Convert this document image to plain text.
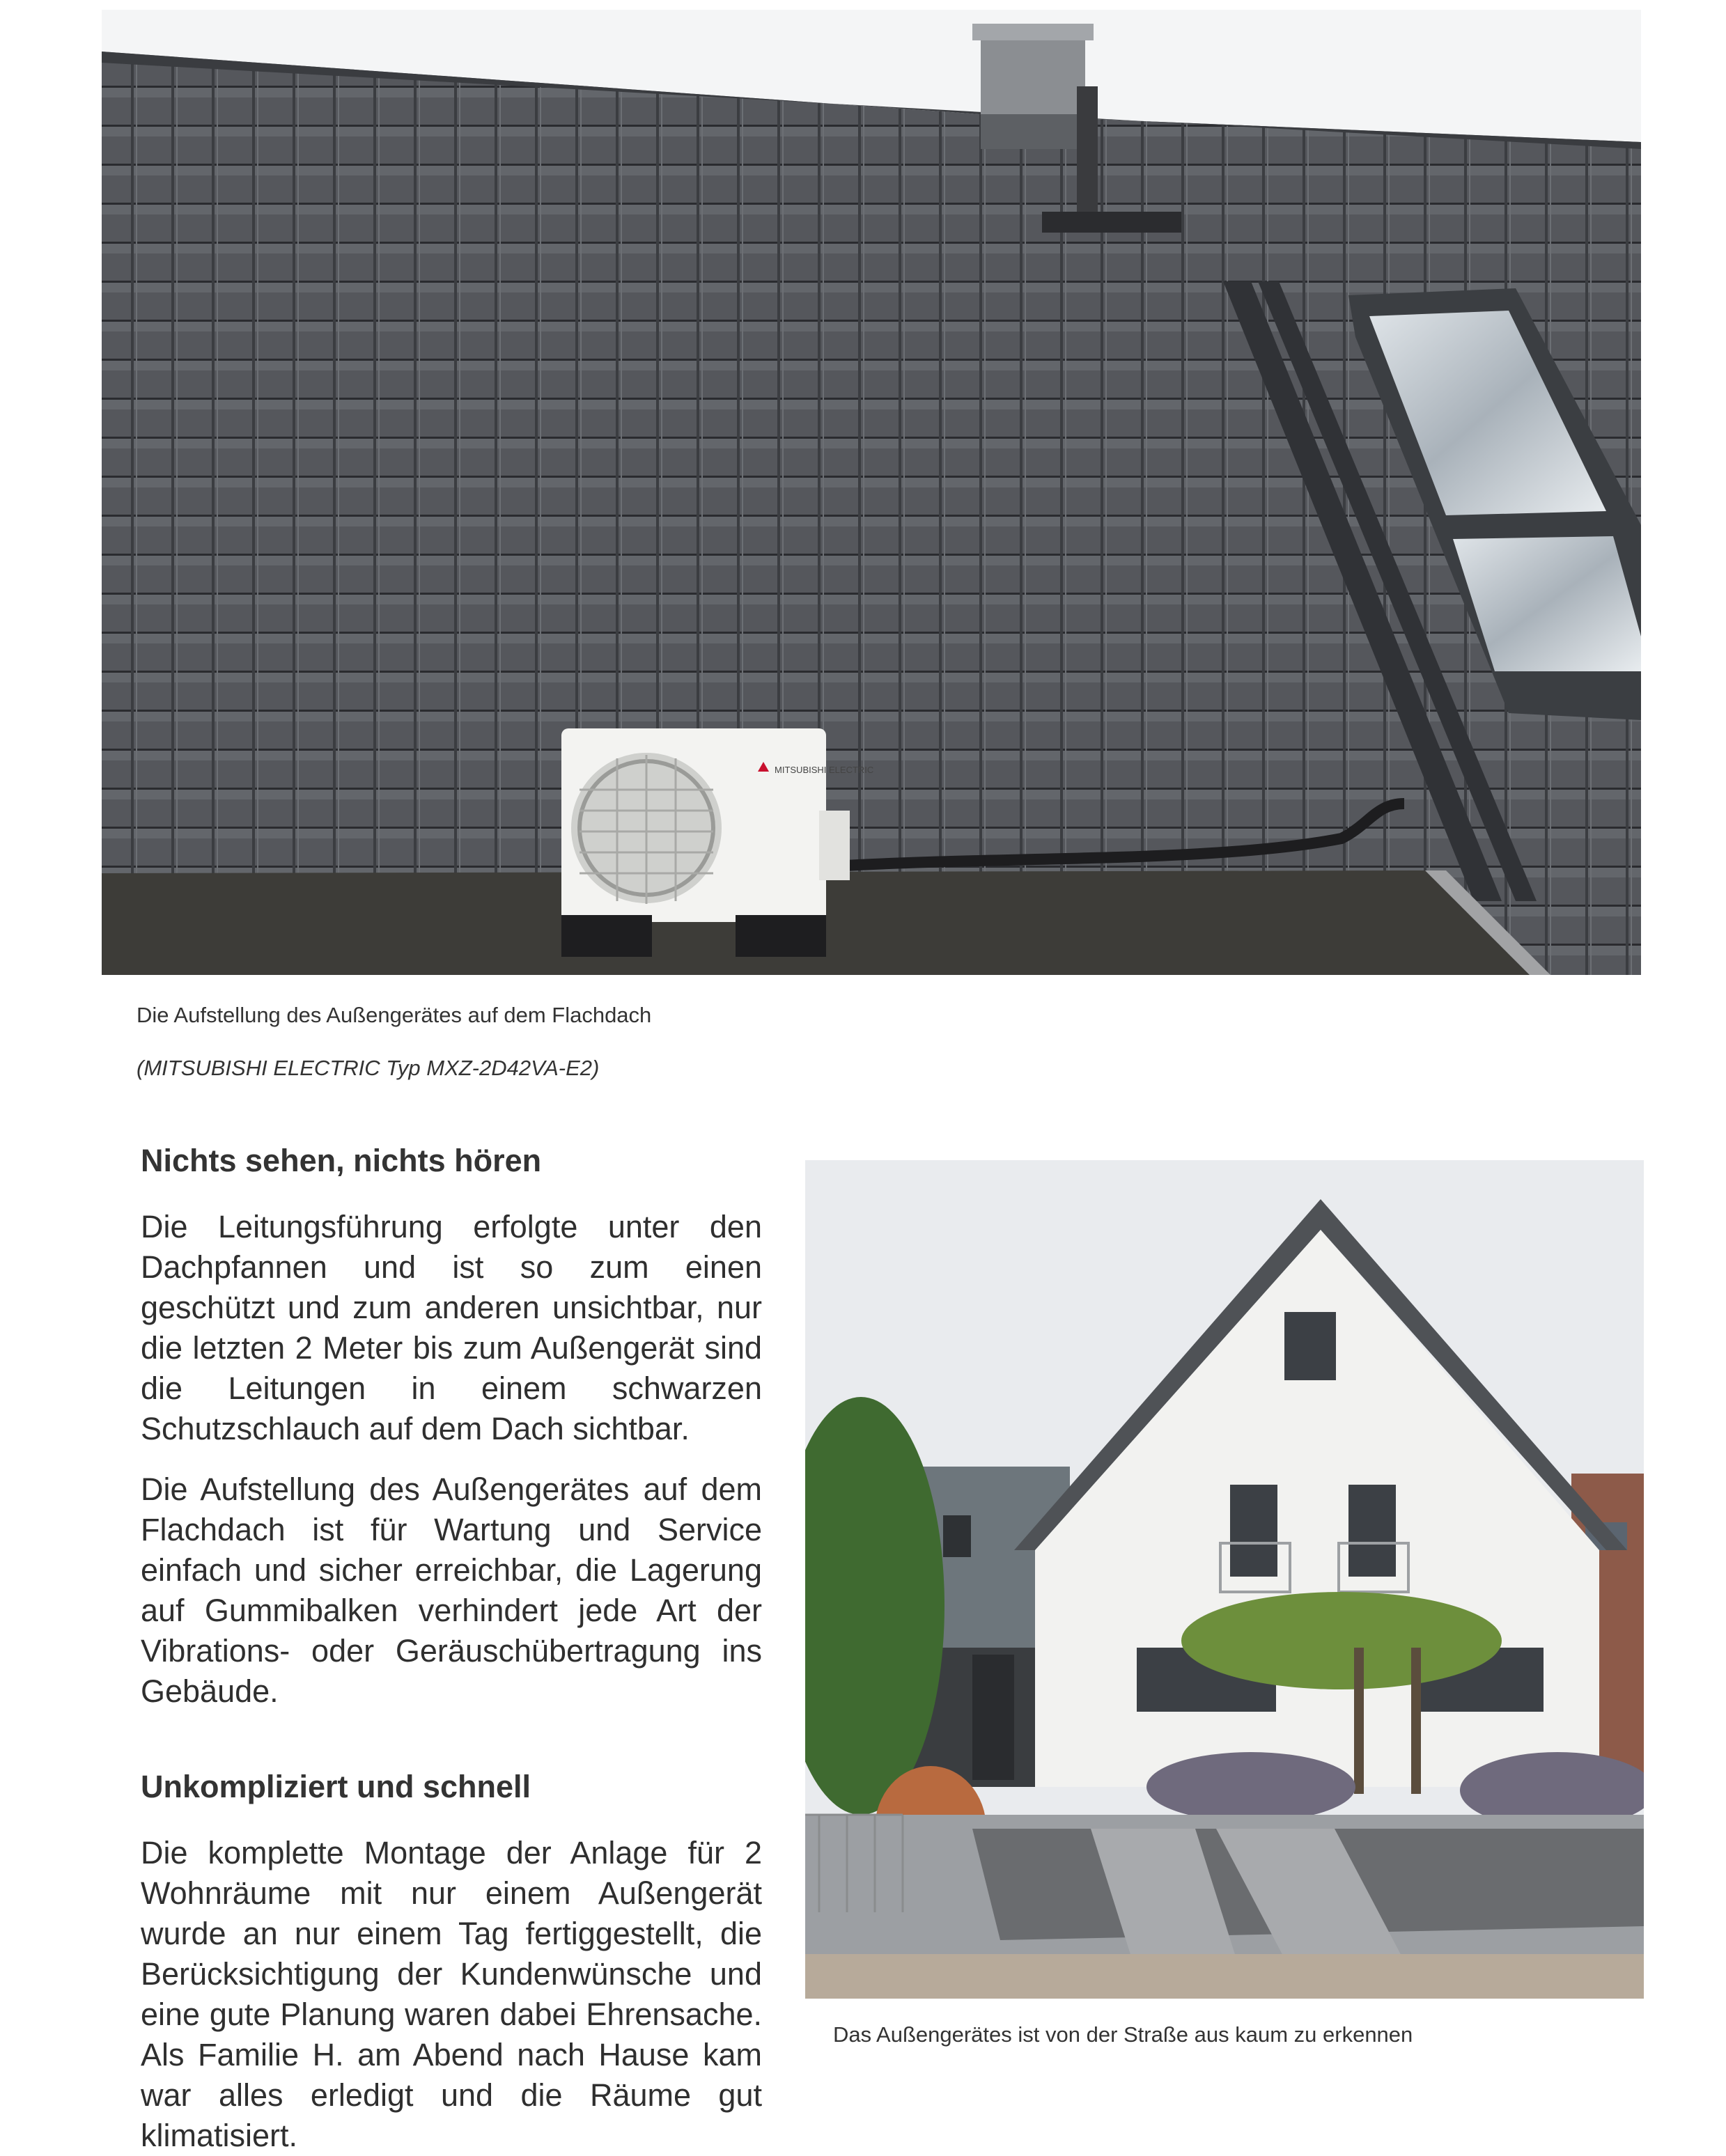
MITSUBISHI ELECTRIC
Die Aufstellung des Außengerätes auf dem Flachdach
(MITSUBISHI ELECTRIC Typ MXZ-2D42VA-E2)
Nichts sehen, nichts hören

Die Leitungsführung erfolgte unter den Dachpfannen und ist so zum einen geschützt und zum anderen unsichtbar, nur die letzten 2 Meter bis zum Außengerät sind die Leitungen in einem schwarzen Schutzschlauch auf dem Dach sichtbar.

Die Aufstellung des Außengerätes auf dem Flachdach ist für Wartung und Service einfach und sicher erreichbar, die Lagerung auf Gummibalken verhindert jede Art der Vibrations- oder Geräuschübertragung ins Gebäude.

Unkompliziert und schnell

Die komplette Montage der Anlage für 2 Wohnräume mit nur einem Außengerät wurde an nur einem Tag fertiggestellt, die Berücksichtigung der Kundenwünsche und eine gute Planung waren dabei Ehrensache. Als Familie H. am Abend nach Hause kam war alles erledigt und die Räume gut klimatisiert.

Das Außengerätes ist von der Straße aus kaum zu erkennen
